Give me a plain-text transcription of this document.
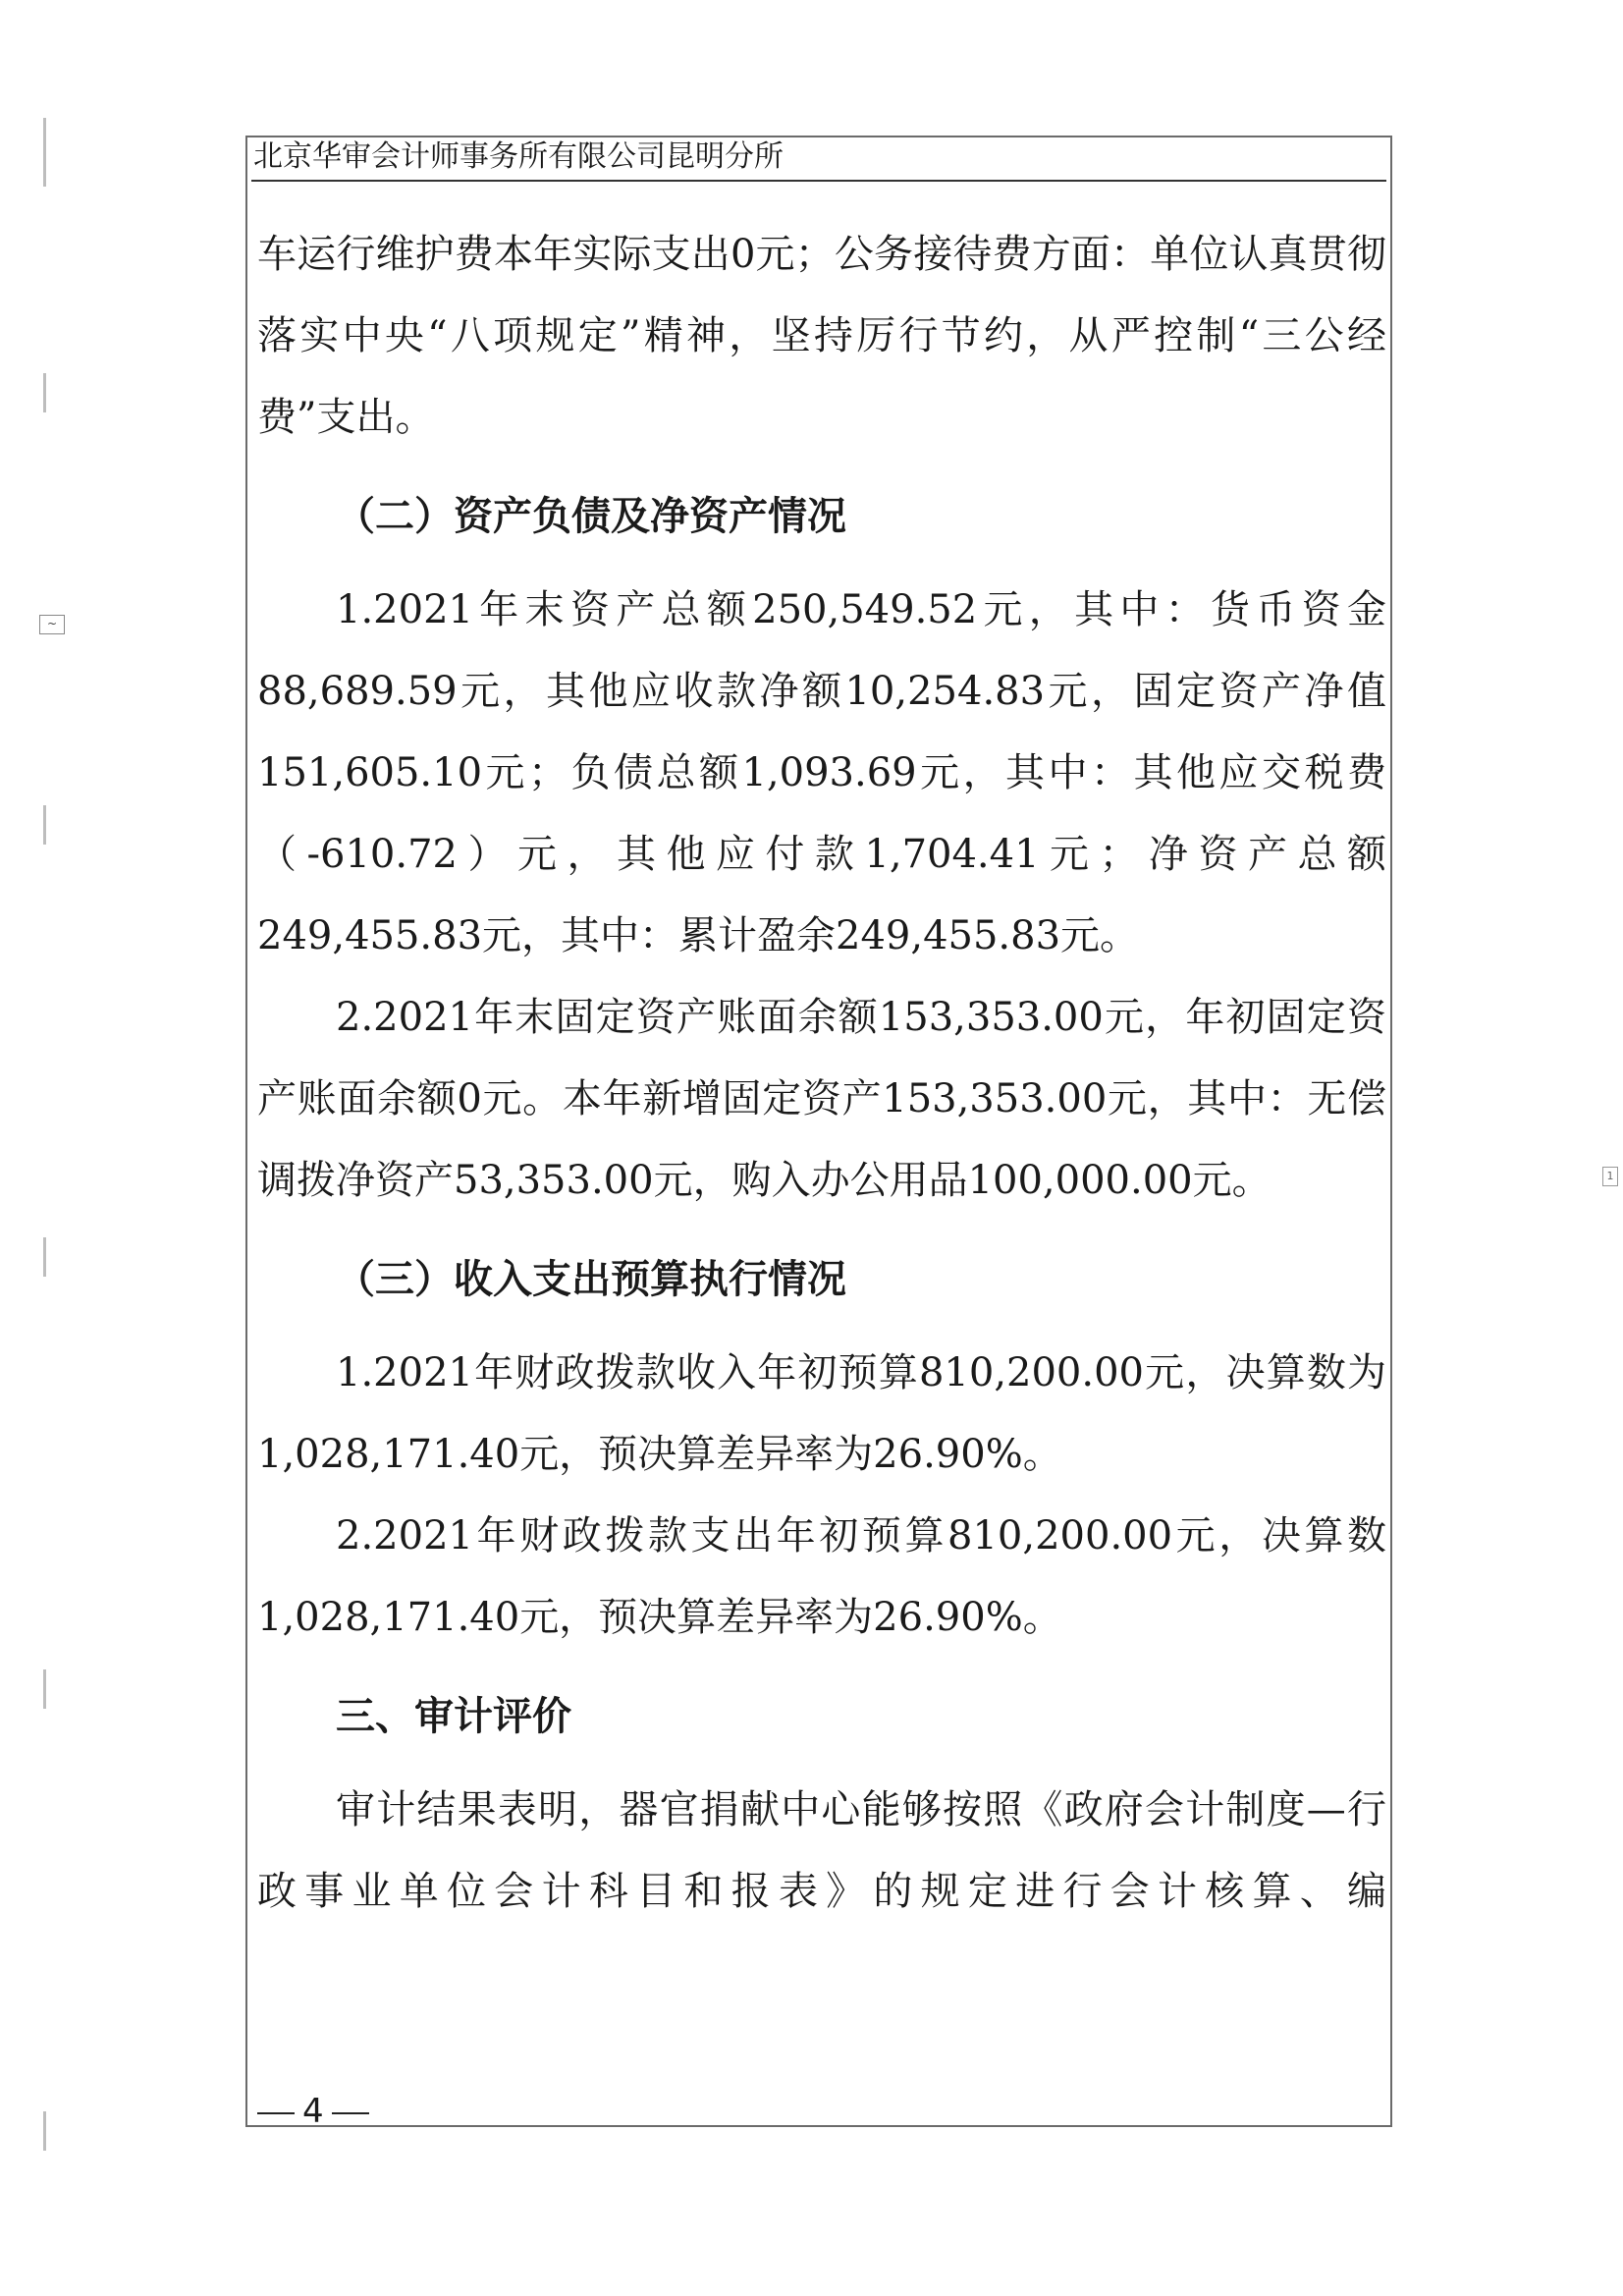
北京华审会计师事务所有限公司昆明分所

车运行维护费本年实际支出0元；公务接待费方面：单位认真贯彻落实中央“八项规定”精神，坚持厉行节约，从严控制“三公经费”支出。

（二）资产负债及净资产情况

1.2021年末资产总额250,549.52元，其中：货币资金88,689.59元，其他应收款净额10,254.83元，固定资产净值151,605.10元；负债总额1,093.69元，其中：其他应交税费（-610.72）元，其他应付款1,704.41元；净资产总额249,455.83元，其中：累计盈余249,455.83元。

2.2021年末固定资产账面余额153,353.00元，年初固定资产账面余额0元。本年新增固定资产153,353.00元，其中：无偿调拨净资产53,353.00元，购入办公用品100,000.00元。

（三）收入支出预算执行情况

1.2021年财政拨款收入年初预算810,200.00元，决算数为1,028,171.40元，预决算差异率为26.90%。

2.2021年财政拨款支出年初预算810,200.00元，决算数1,028,171.40元，预决算差异率为26.90%。

三、审计评价

审计结果表明，器官捐献中心能够按照《政府会计制度—行政事业单位会计科目和报表》的规定进行会计核算、编

4
~
1
